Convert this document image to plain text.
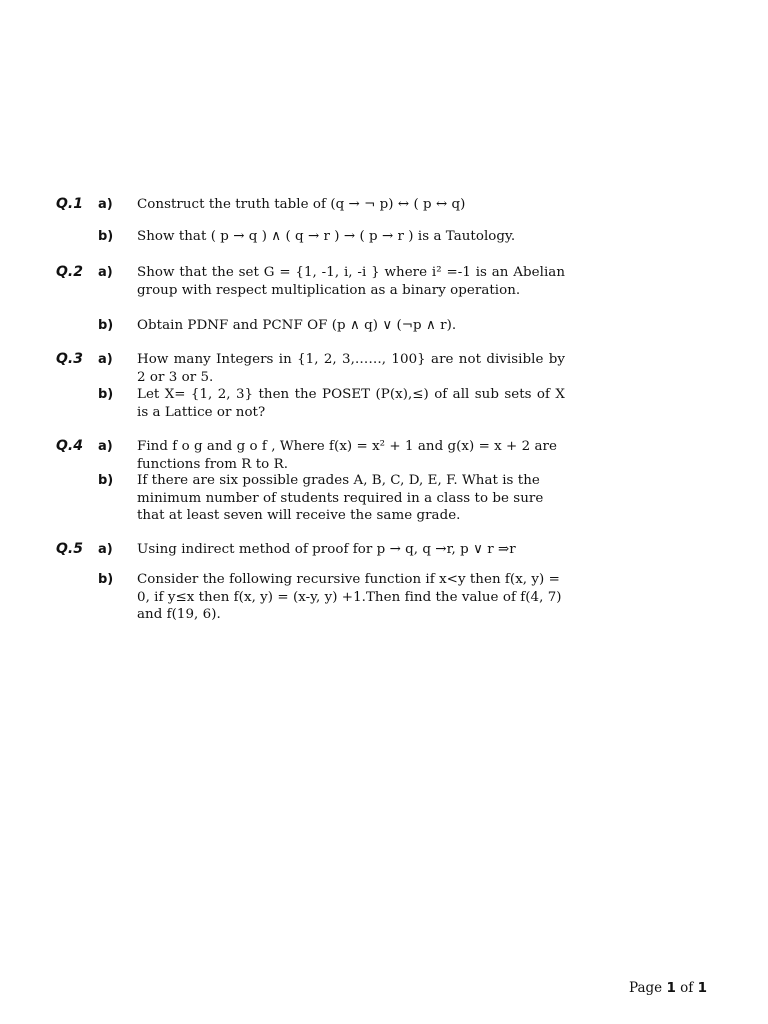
Q.1	a)	Construct the truth table of (q → ¬ p) ↔ ( p ↔ q)
b)	Show that ( p → q ) ∧ ( q → r ) → ( p → r ) is a Tautology.
Q.2	a)	Show that the set G = {1, -1, i, -i } where i² =-1 is an Abelian group with respect multiplication as a binary operation.
b)	Obtain PDNF and PCNF OF (p ∧ q) ∨ (¬p ∧ r).
Q.3	a)	How many Integers in {1, 2, 3,……, 100} are not divisible by 2 or 3 or 5.
b)	Let X= {1, 2, 3} then the POSET (P(x),≤) of all sub sets of X is a Lattice or not?
Q.4	a)	Find f o g and g o f , Where f(x) = x² + 1 and g(x) = x + 2 are functions from R to R.
b)	If there are six possible grades A, B, C, D, E, F. What is the minimum number of students required in a class to be sure that at least seven will receive the same grade.
Q.5	a)	Using indirect method of proof for p → q, q →r, p ∨ r ⇒r
b)	Consider the following recursive function if x<y then f(x, y) = 0, if y≤x then f(x, y) = (x-y, y) +1.Then find the value of f(4, 7) and f(19, 6).
Page 1 of 1
